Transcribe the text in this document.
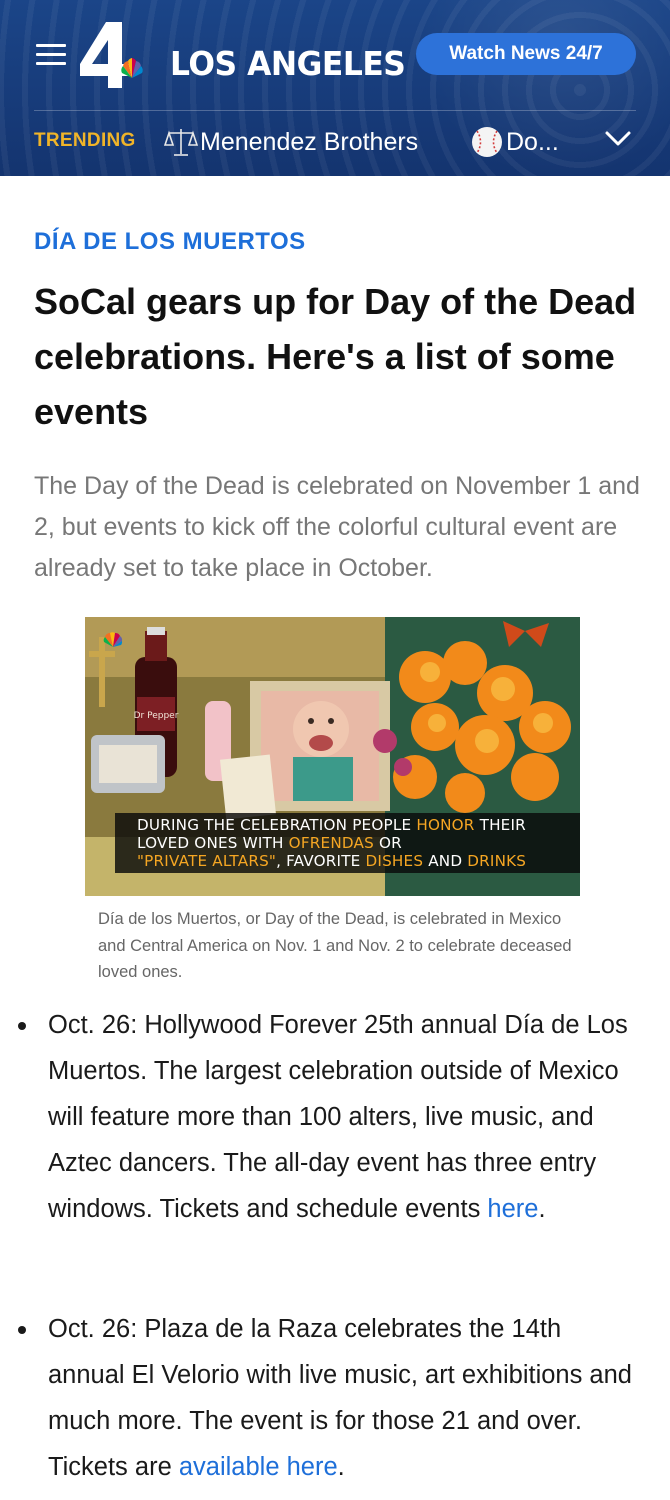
LOS ANGELES	Watch News 24/7
TRENDING	Menendez Brothers	Do...
DÍA DE LOS MUERTOS
SoCal gears up for Day of the Dead celebrations. Here's a list of some events
The Day of the Dead is celebrated on November 1 and 2, but events to kick off the colorful cultural event are already set to take place in October.
Dr Pepper
DURING THE CELEBRATION PEOPLE HONOR THEIR
LOVED ONES WITH OFRENDAS OR
"PRIVATE ALTARS", FAVORITE DISHES AND DRINKS
Día de los Muertos, or Day of the Dead, is celebrated in Mexico and Central America on Nov. 1 and Nov. 2 to celebrate deceased loved ones.
Oct. 26: Hollywood Forever 25th annual Día de Los Muertos. The largest celebration outside of Mexico will feature more than 100 alters, live music, and Aztec dancers. The all-day event has three entry windows. Tickets and schedule events here.
Oct. 26: Plaza de la Raza celebrates the 14th annual El Velorio with live music, art exhibitions and much more. The event is for those 21 and over. Tickets are available here.
